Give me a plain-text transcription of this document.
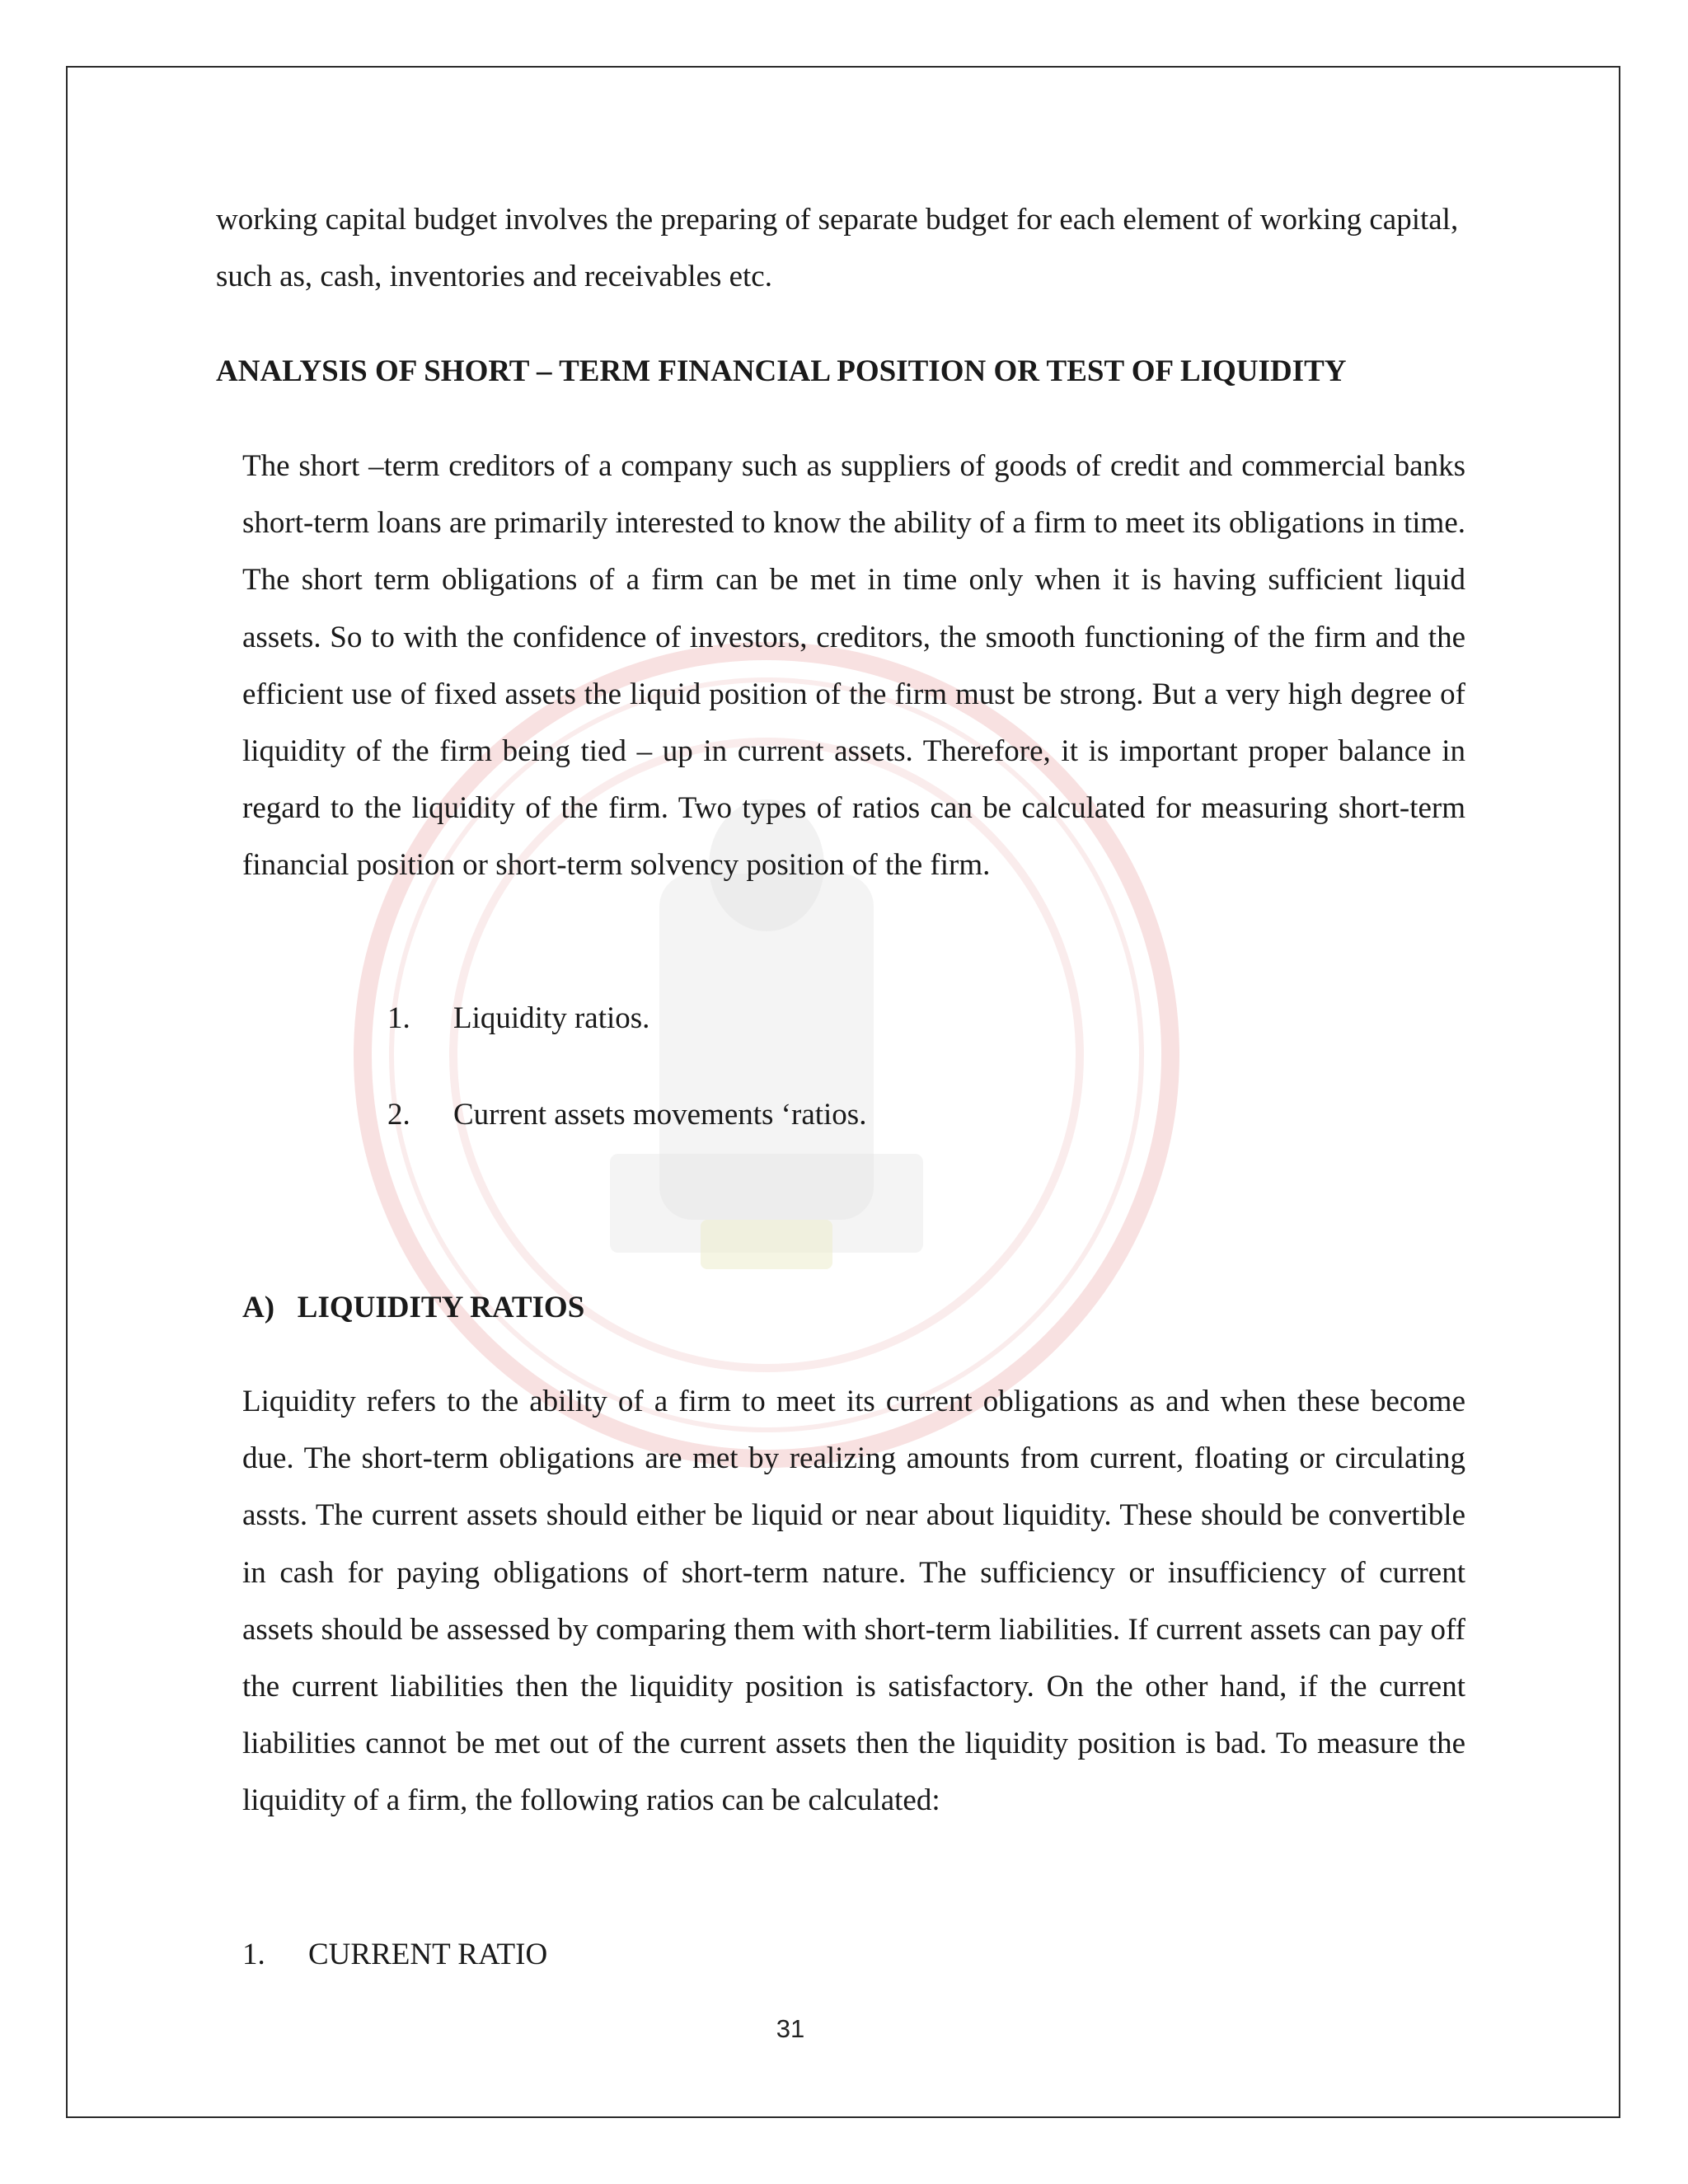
working capital budget involves the preparing of separate budget for each element of working capital, such as, cash, inventories and receivables etc.

ANALYSIS OF SHORT – TERM FINANCIAL POSITION OR TEST OF LIQUIDITY

The short –term creditors of a company such as suppliers of goods of credit and commercial banks short-term loans are primarily interested to know the ability of a firm to meet its obligations in time. The short term obligations of a firm can be met in time only when it is having sufficient liquid assets. So to with the confidence of investors, creditors, the smooth functioning of the firm and the efficient use of fixed assets the liquid position of the firm must be strong. But a very high degree of liquidity of the firm being tied – up in current assets. Therefore, it is important proper balance in regard to the liquidity of the firm. Two types of ratios can be calculated for measuring short-term financial position or short-term solvency position of the firm.

1. Liquidity ratios.
2. Current assets movements ‘ratios.
A)   LIQUIDITY RATIOS

Liquidity refers to the ability of a firm to meet its current obligations as and when these become due. The short-term obligations are met by realizing amounts from current, floating or circulating assts. The current assets should either be liquid or near about liquidity. These should be convertible in cash for paying obligations of short-term nature. The sufficiency or insufficiency of current assets should be assessed by comparing them with short-term liabilities. If current assets can pay off the current liabilities then the liquidity position is satisfactory. On the other hand, if the current liabilities cannot be met out of the current assets then the liquidity position is bad. To measure the liquidity of a firm, the following ratios can be calculated:

1. CURRENT RATIO
31
